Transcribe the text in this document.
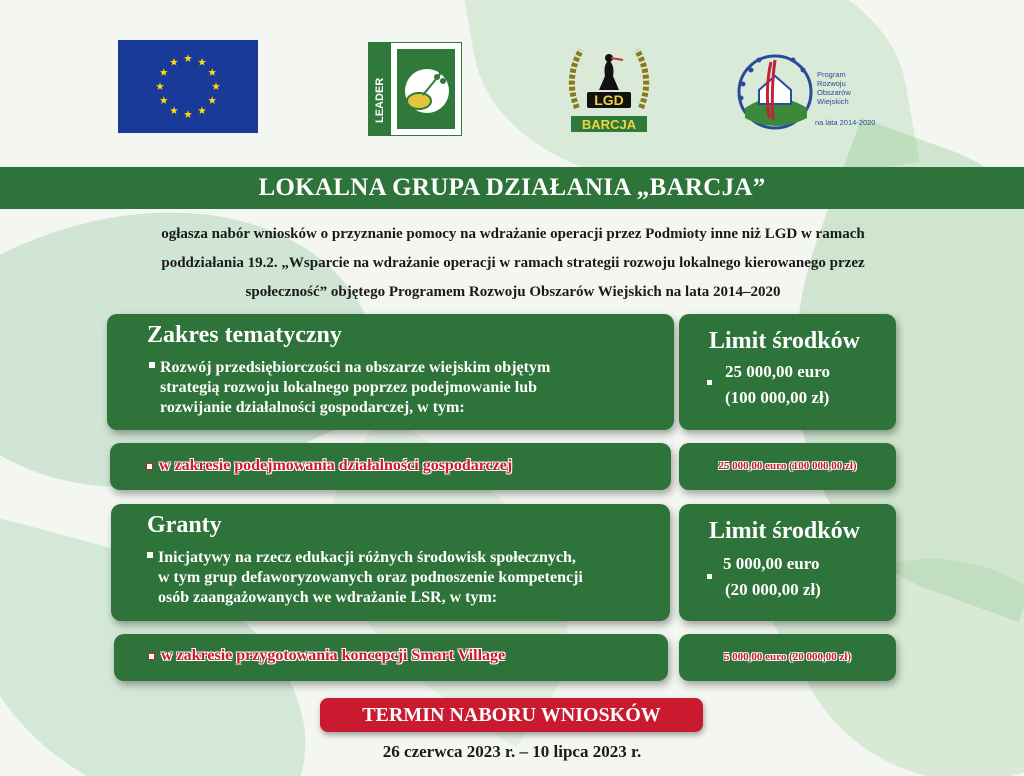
LEADER	LGD
BARCJA
Program
Rozwoju
Obszarów
Wiejskich
na lata 2014-2020
LOKALNA GRUPA DZIAŁANIA „BARCJA”
ogłasza nabór wniosków o przyznanie pomocy na wdrażanie operacji przez Podmioty inne niż LGD w ramach
poddziałania 19.2. „Wsparcie na wdrażanie operacji w ramach strategii rozwoju lokalnego kierowanego przez
społeczność” objętego Programem Rozwoju Obszarów Wiejskich na lata 2014–2020
Zakres tematyczny
Rozwój przedsiębiorczości na obszarze wiejskim objętym
strategią rozwoju lokalnego poprzez podejmowanie lub
rozwijanie działalności gospodarczej, w tym:
Limit środków
25 000,00 euro
(100 000,00 zł)
w zakresie podejmowania działalności gospodarczej	25 000,00 euro (100 000,00 zł)
Granty
Inicjatywy na rzecz edukacji różnych środowisk społecznych,
w tym grup defaworyzowanych oraz podnoszenie kompetencji
osób zaangażowanych we wdrażanie LSR, w tym:
Limit środków
5 000,00 euro
(20 000,00 zł)
w zakresie przygotowania koncepcji Smart Village	5 000,00 euro (20 000,00 zł)
TERMIN NABORU WNIOSKÓW
26 czerwca 2023 r. – 10 lipca 2023 r.
